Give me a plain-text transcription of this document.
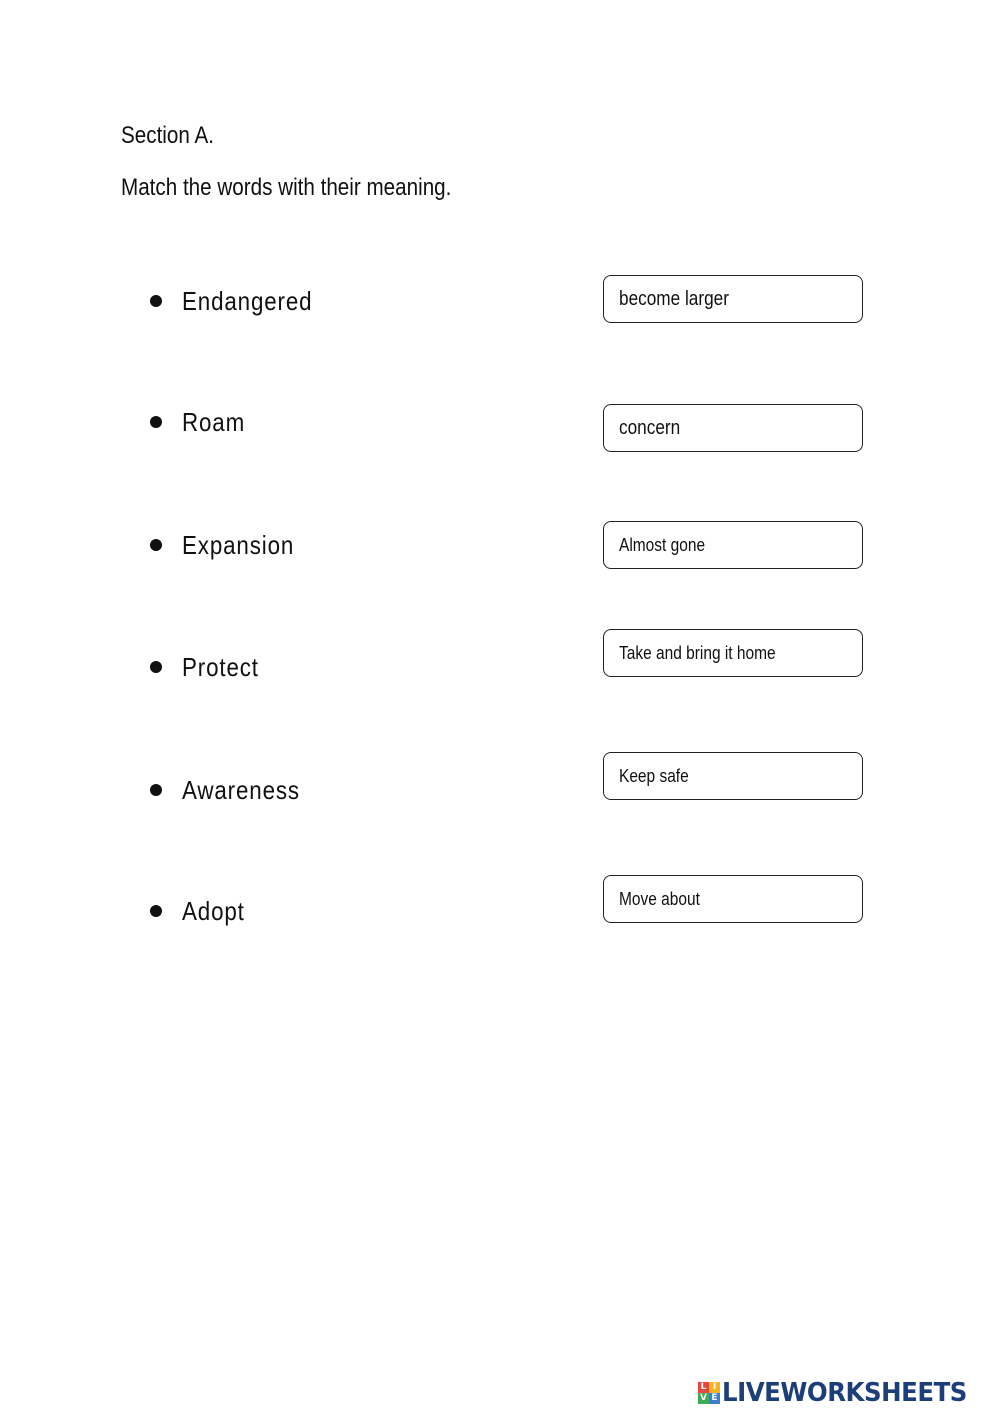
Section A.

Match the words with their meaning.

Endangered
Roam
Expansion
Protect
Awareness
Adopt
become larger
concern
Almost gone
Take and bring it home
Keep safe
Move about
L I
V E LIVEWORKSHEETS
